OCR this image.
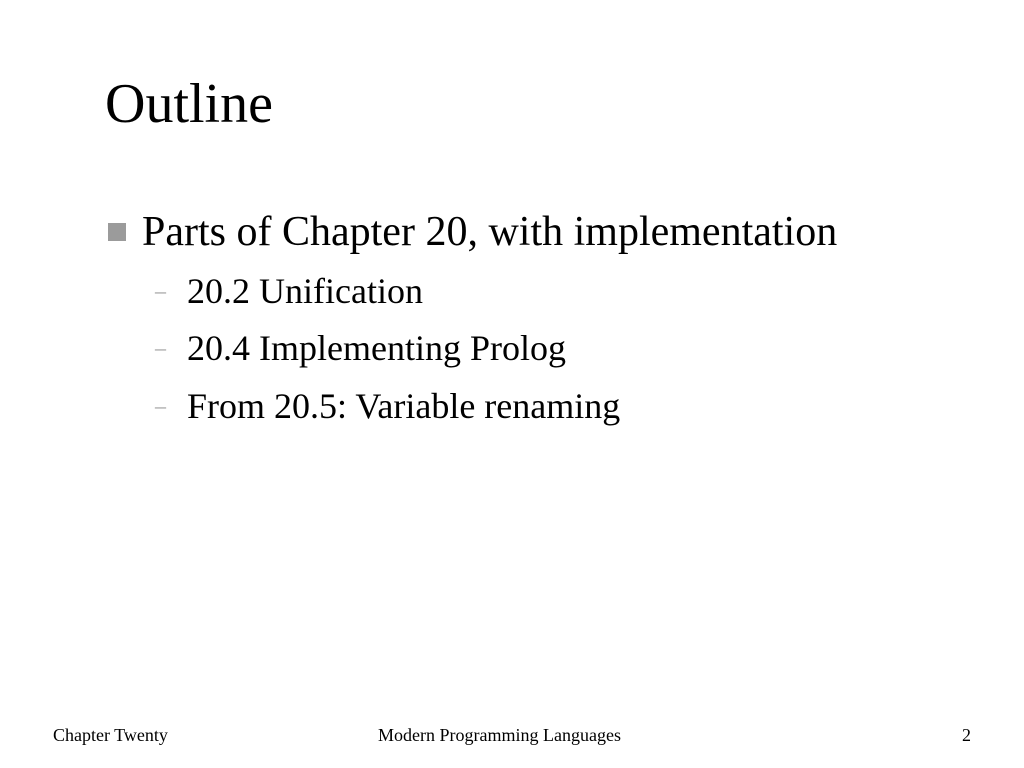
Outline
Parts of Chapter 20, with implementation
– 20.2 Unification
– 20.4 Implementing Prolog
– From 20.5: Variable renaming
Chapter Twenty	Modern Programming Languages	2
